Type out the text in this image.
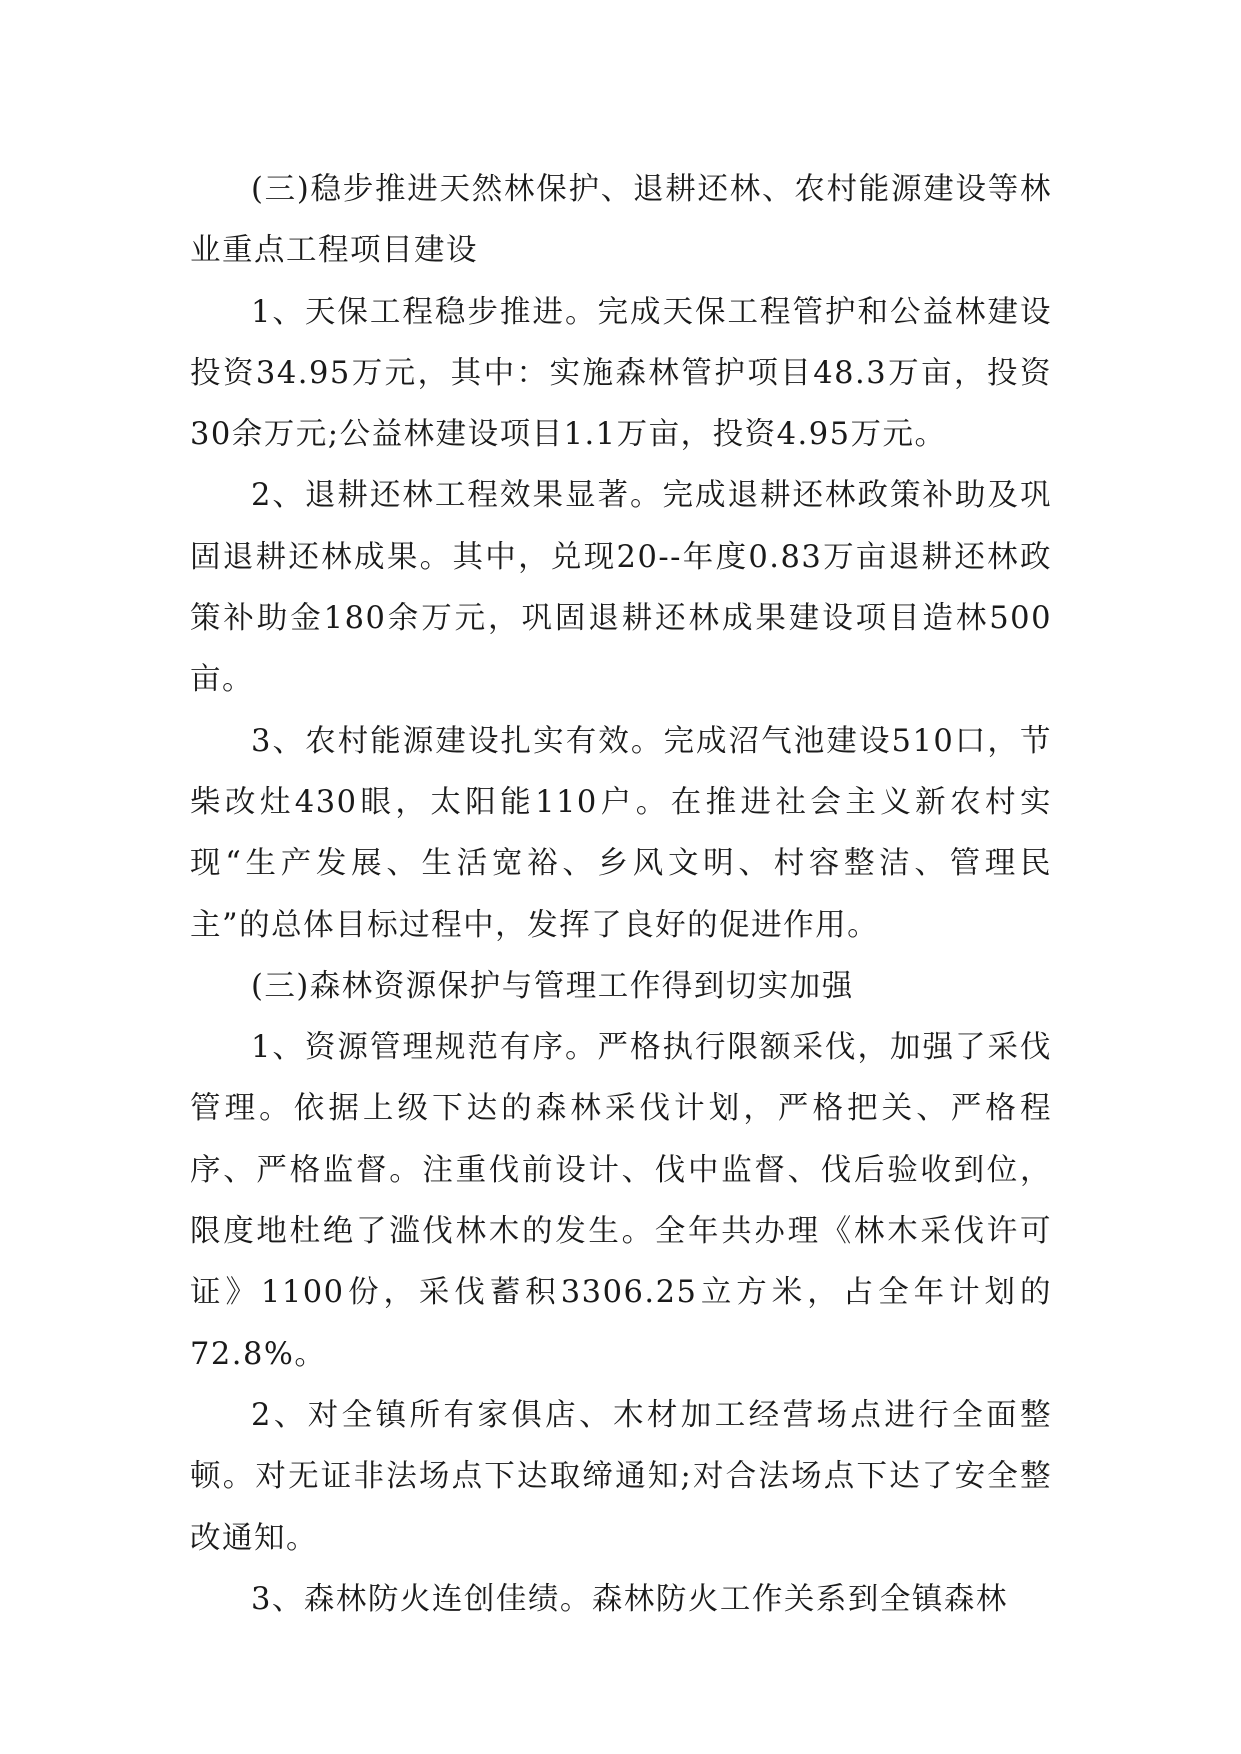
(三)稳步推进天然林保护、退耕还林、农村能源建设等林业重点工程项目建设

1、天保工程稳步推进。完成天保工程管护和公益林建设投资34.95万元，其中：实施森林管护项目48.3万亩，投资30余万元;公益林建设项目1.1万亩，投资4.95万元。

2、退耕还林工程效果显著。完成退耕还林政策补助及巩固退耕还林成果。其中，兑现20--年度0.83万亩退耕还林政策补助金180余万元，巩固退耕还林成果建设项目造林500亩。

3、农村能源建设扎实有效。完成沼气池建设510口，节柴改灶430眼，太阳能110户。在推进社会主义新农村实现“生产发展、生活宽裕、乡风文明、村容整洁、管理民主”的总体目标过程中，发挥了良好的促进作用。

(三)森林资源保护与管理工作得到切实加强

1、资源管理规范有序。严格执行限额采伐，加强了采伐管理。依据上级下达的森林采伐计划，严格把关、严格程序、严格监督。注重伐前设计、伐中监督、伐后验收到位，限度地杜绝了滥伐林木的发生。全年共办理《林木采伐许可证》1100份，采伐蓄积3306.25立方米，占全年计划的72.8%。

2、对全镇所有家俱店、木材加工经营场点进行全面整顿。对无证非法场点下达取缔通知;对合法场点下达了安全整改通知。

3、森林防火连创佳绩。森林防火工作关系到全镇森林
